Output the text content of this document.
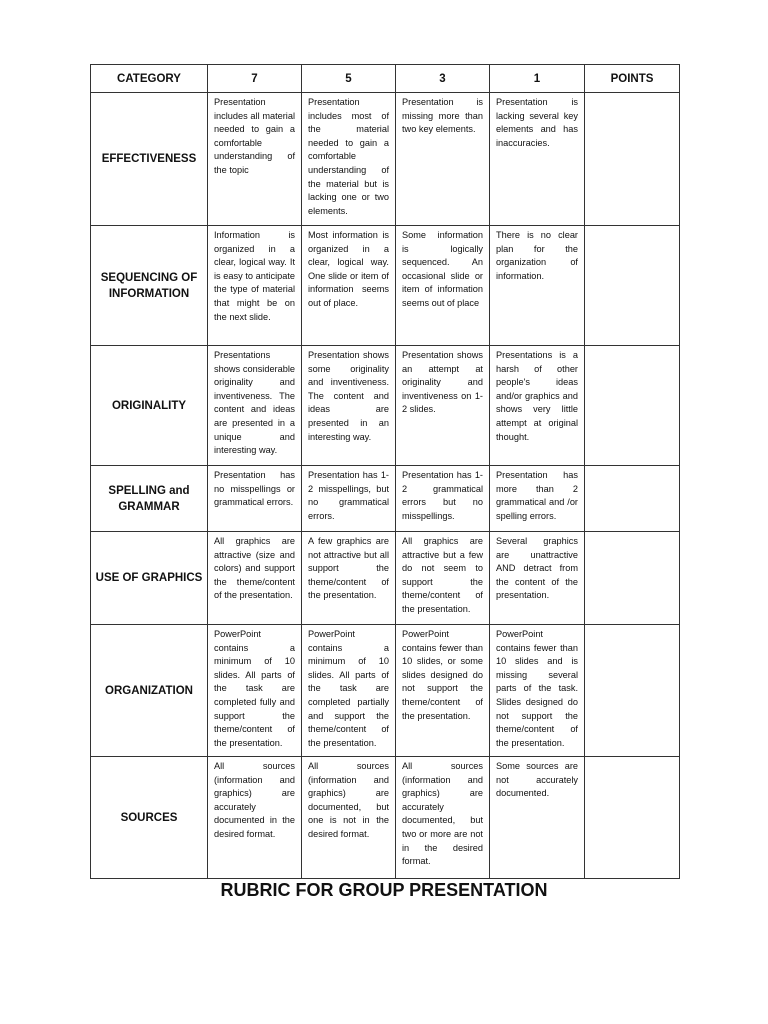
CATEGORY	7	5	3	1	POINTS
EFFECTIVENESS	Presentation includes all material needed to gain a comfortable understanding of the topic	Presentation includes most of the material needed to gain a comfortable understanding of the material but is lacking one or two elements.	Presentation is missing more than two key elements.	Presentation is lacking several key elements and has inaccuracies.	
SEQUENCING OF INFORMATION	Information is organized in a clear, logical way. It is easy to anticipate the type of material that might be on the next slide.	Most information is organized in a clear, logical way. One slide or item of information seems out of place.	Some information is logically sequenced. An occasional slide or item of information seems out of place	There is no clear plan for the organization of information.	
ORIGINALITY	Presentations shows considerable originality and inventiveness. The content and ideas are presented in a unique and interesting way.	Presentation shows some originality and inventiveness. The content and ideas are presented in an interesting way.	Presentation shows an attempt at originality and inventiveness on 1-2 slides.	Presentations is a harsh of other people's ideas and/or graphics and shows very little attempt at original thought.	
SPELLING and GRAMMAR	Presentation has no misspellings or grammatical errors.	Presentation has 1-2 misspellings, but no grammatical errors.	Presentation has 1-2 grammatical errors but no misspellings.	Presentation has more than 2 grammatical and /or spelling errors.	
USE OF GRAPHICS	All graphics are attractive (size and colors) and support the theme/content of the presentation.	A few graphics are not attractive but all support the theme/content of the presentation.	All graphics are attractive but a few do not seem to support the theme/content of the presentation.	Several graphics are unattractive AND detract from the content of the presentation.	
ORGANIZATION	PowerPoint contains a minimum of 10 slides. All parts of the task are completed fully and support the theme/content of the presentation.	PowerPoint contains a minimum of 10 slides. All parts of the task are completed partially and support the theme/content of the presentation.	PowerPoint contains fewer than 10 slides, or some slides designed do not support the theme/content of the presentation.	PowerPoint contains fewer than 10 slides and is missing several parts of the task. Slides designed do not support the theme/content of the presentation.	
SOURCES	All sources (information and graphics) are accurately documented in the desired format.	All sources (information and graphics) are documented, but one is not in the desired format.	All sources (information and graphics) are accurately documented, but two or more are not in the desired format.	Some sources are not accurately documented.	
RUBRIC FOR GROUP PRESENTATION
